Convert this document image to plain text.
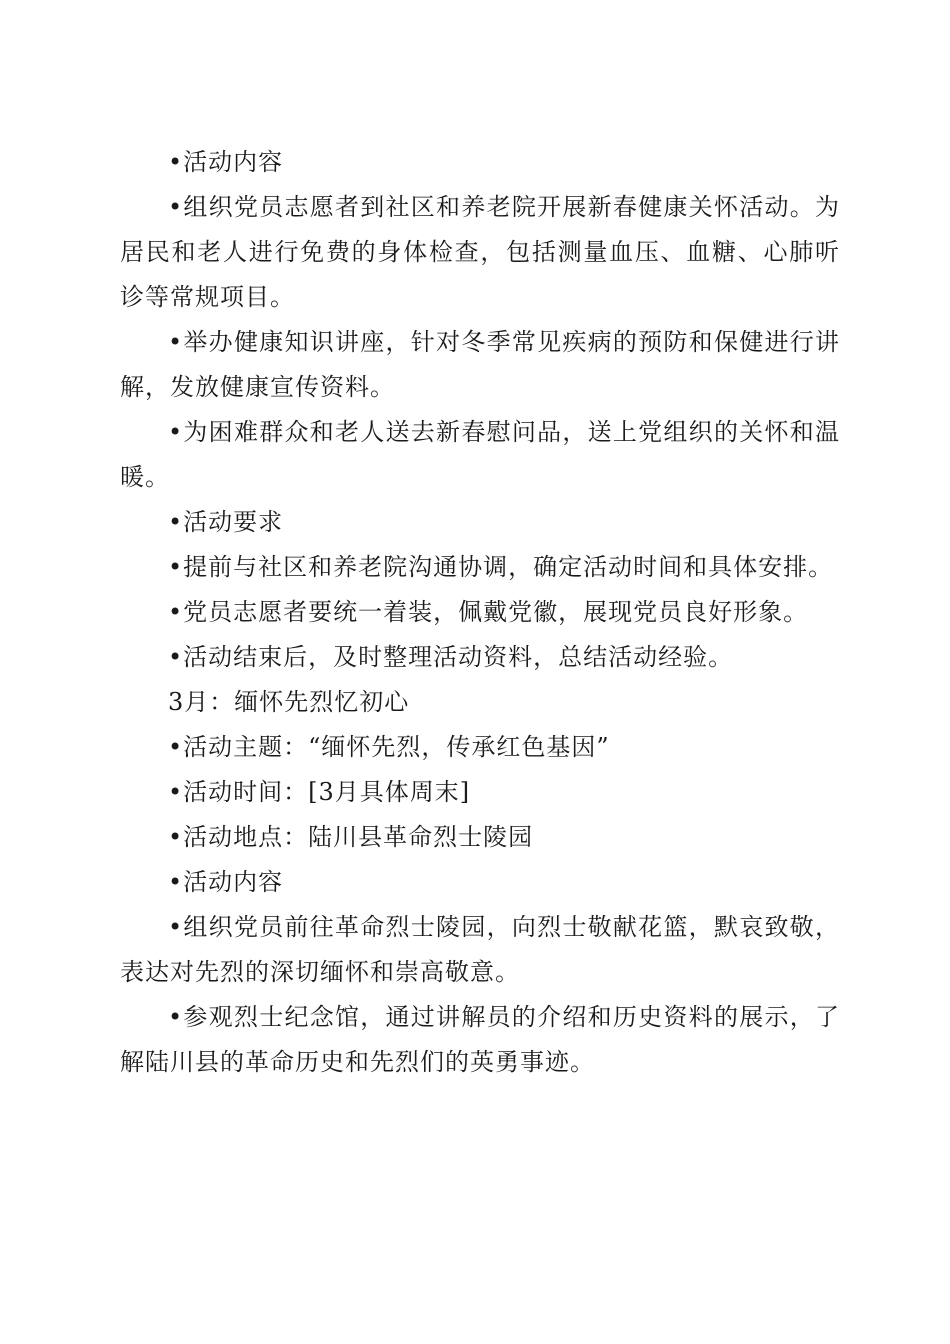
•活动内容

•组织党员志愿者到社区和养老院开展新春健康关怀活动。为居民和老人进行免费的身体检查，包括测量血压、血糖、心肺听诊等常规项目。

•举办健康知识讲座，针对冬季常见疾病的预防和保健进行讲解，发放健康宣传资料。

•为困难群众和老人送去新春慰问品，送上党组织的关怀和温暖。

•活动要求

•提前与社区和养老院沟通协调，确定活动时间和具体安排。

•党员志愿者要统一着装，佩戴党徽，展现党员良好形象。

•活动结束后，及时整理活动资料，总结活动经验。

3月：缅怀先烈忆初心

•活动主题：“缅怀先烈，传承红色基因”

•活动时间：[3月具体周末]

•活动地点：陆川县革命烈士陵园

•活动内容

•组织党员前往革命烈士陵园，向烈士敬献花篮，默哀致敬，表达对先烈的深切缅怀和崇高敬意。

•参观烈士纪念馆，通过讲解员的介绍和历史资料的展示，了解陆川县的革命历史和先烈们的英勇事迹。
